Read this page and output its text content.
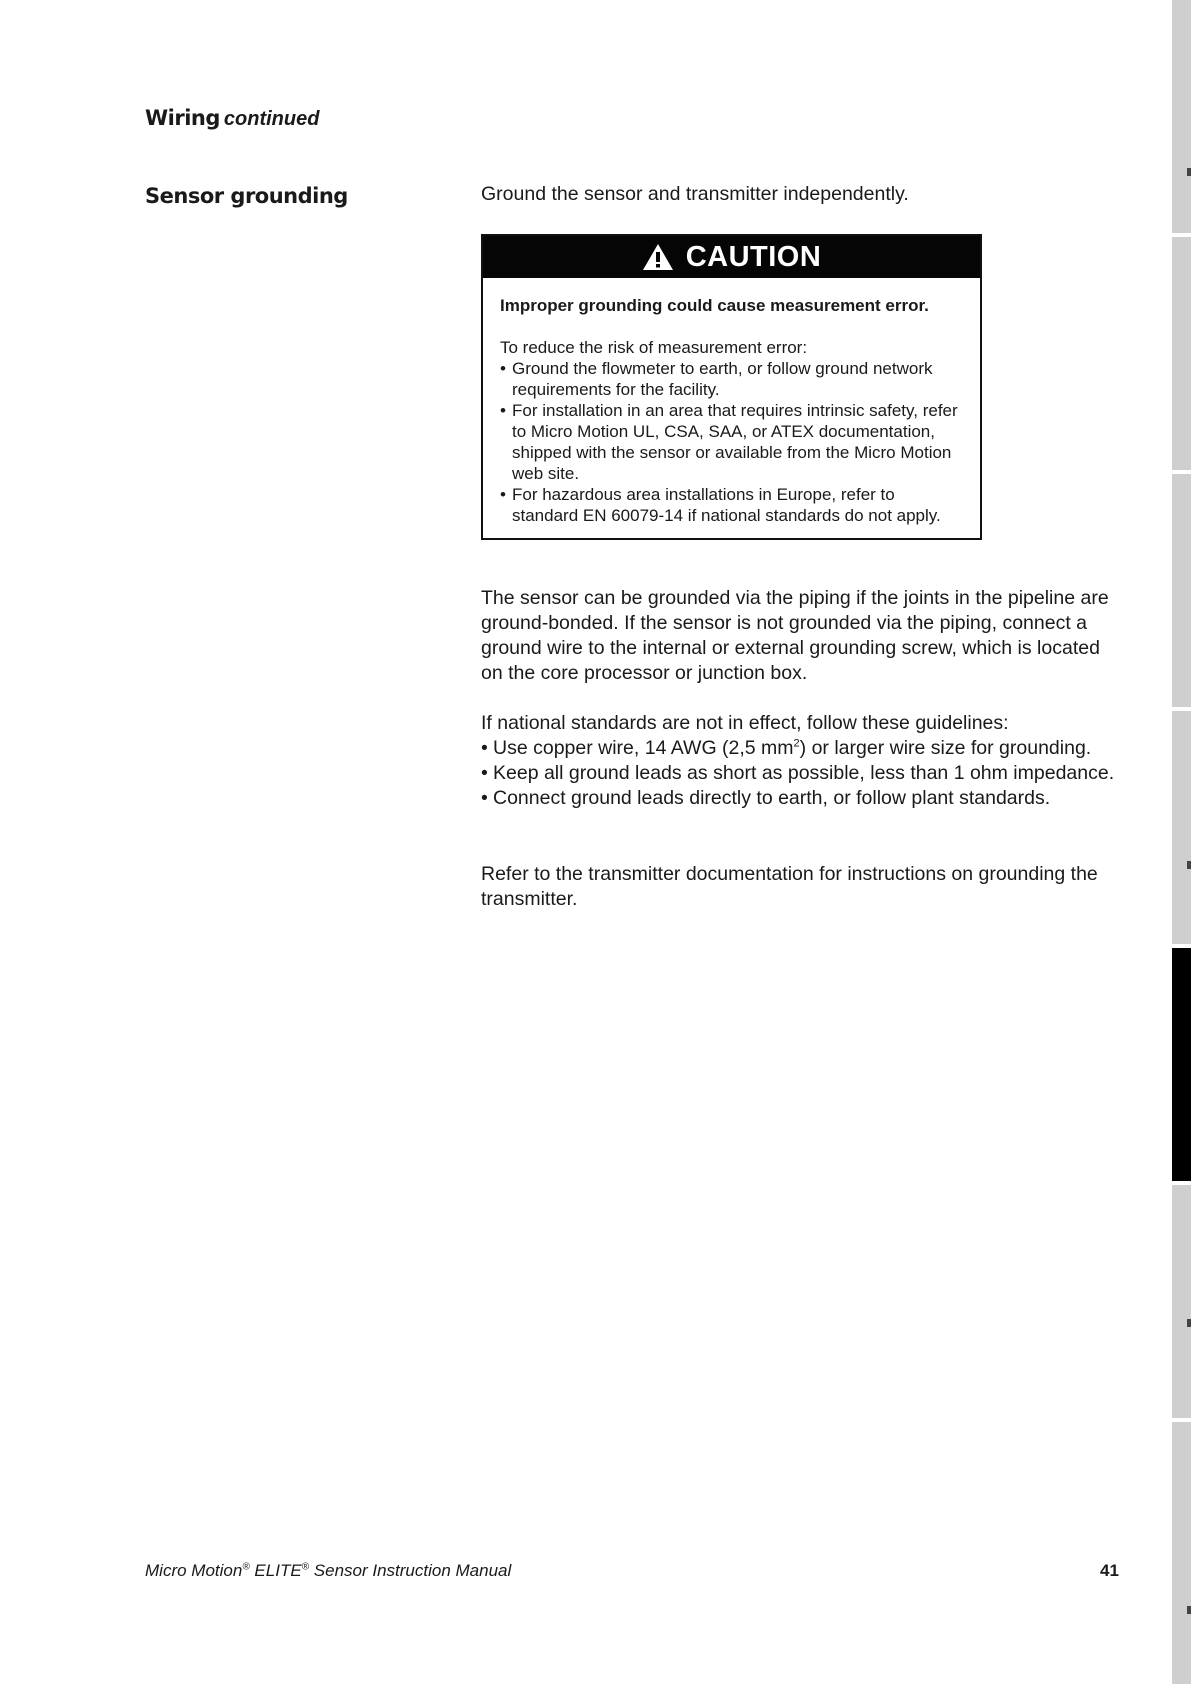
Wiring continued
Sensor grounding	Ground the sensor and transmitter independently.

CAUTION

Improper grounding could cause measurement error.

To reduce the risk of measurement error:

• Ground the flowmeter to earth, or follow ground network requirements for the facility.
• For installation in an area that requires intrinsic safety, refer to Micro Motion UL, CSA, SAA, or ATEX documentation, shipped with the sensor or available from the Micro Motion web site.
• For hazardous area installations in Europe, refer to standard EN 60079-14 if national standards do not apply.

The sensor can be grounded via the piping if the joints in the pipeline are ground-bonded. If the sensor is not grounded via the piping, connect a ground wire to the internal or external grounding screw, which is located on the core processor or junction box.

If national standards are not in effect, follow these guidelines:

• Use copper wire, 14 AWG (2,5 $mm^2$) or larger wire size for grounding.
• Keep all ground leads as short as possible, less than 1 ohm impedance.
• Connect ground leads directly to earth, or follow plant standards.

Refer to the transmitter documentation for instructions on grounding the transmitter.

Micro Motion® ELITE® Sensor Instruction Manual	41
